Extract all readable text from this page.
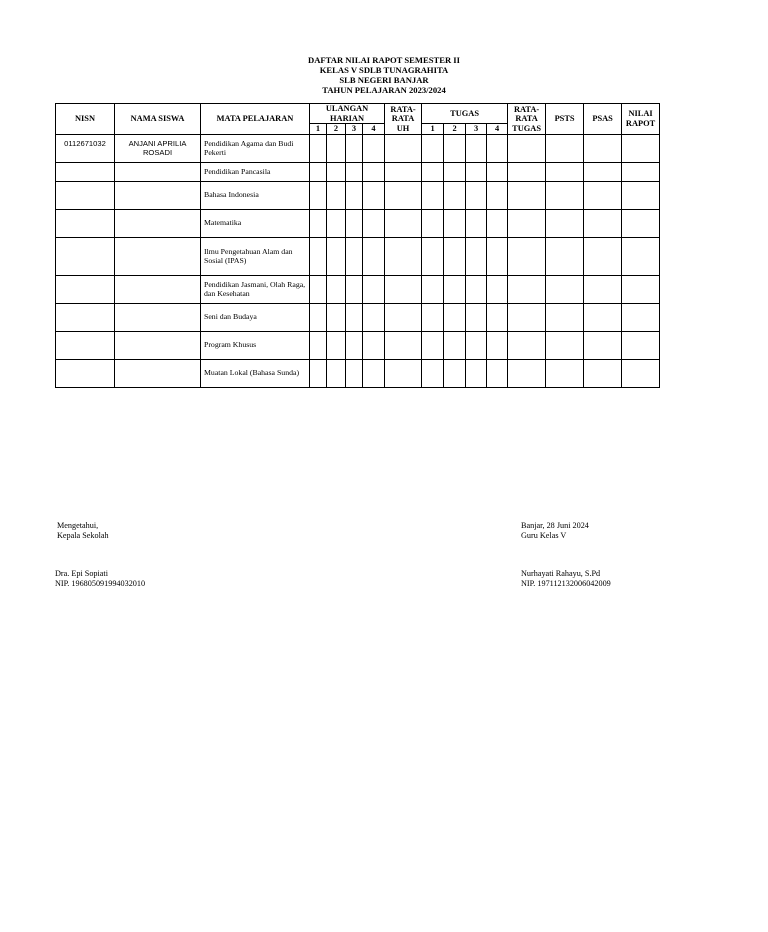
DAFTAR NILAI RAPOT SEMESTER II
KELAS V SDLB TUNAGRAHITA
SLB NEGERI BANJAR
TAHUN PELAJARAN 2023/2024
NISN	NAMA SISWA	MATA PELAJARAN	ULANGAN HARIAN				RATA-RATA UH	TUGAS				RATA-RATA TUGAS	PSTS	PSAS	NILAI RAPOT
			1	2	3	4		1	2	3	4				
0112671032	ANJANI APRILIA ROSADI	Pendidikan Agama dan Budi Pekerti													
		Pendidikan Pancasila													
		Bahasa Indonesia													
		Matematika													
		Ilmu Pengetahuan Alam dan Sosial (IPAS)													
		Pendidikan Jasmani, Olah Raga, dan Kesehatan													
		Seni dan Budaya													
		Program Khusus													
		Muatan Lokal (Bahasa Sunda)													
Mengetahui,
Kepala Sekolah
Dra. Epi Sopiati
NIP. 196805091994032010
Banjar, 28 Juni 2024
Guru Kelas V
Nurhayati Rahayu, S.Pd
NIP. 197112132006042009
